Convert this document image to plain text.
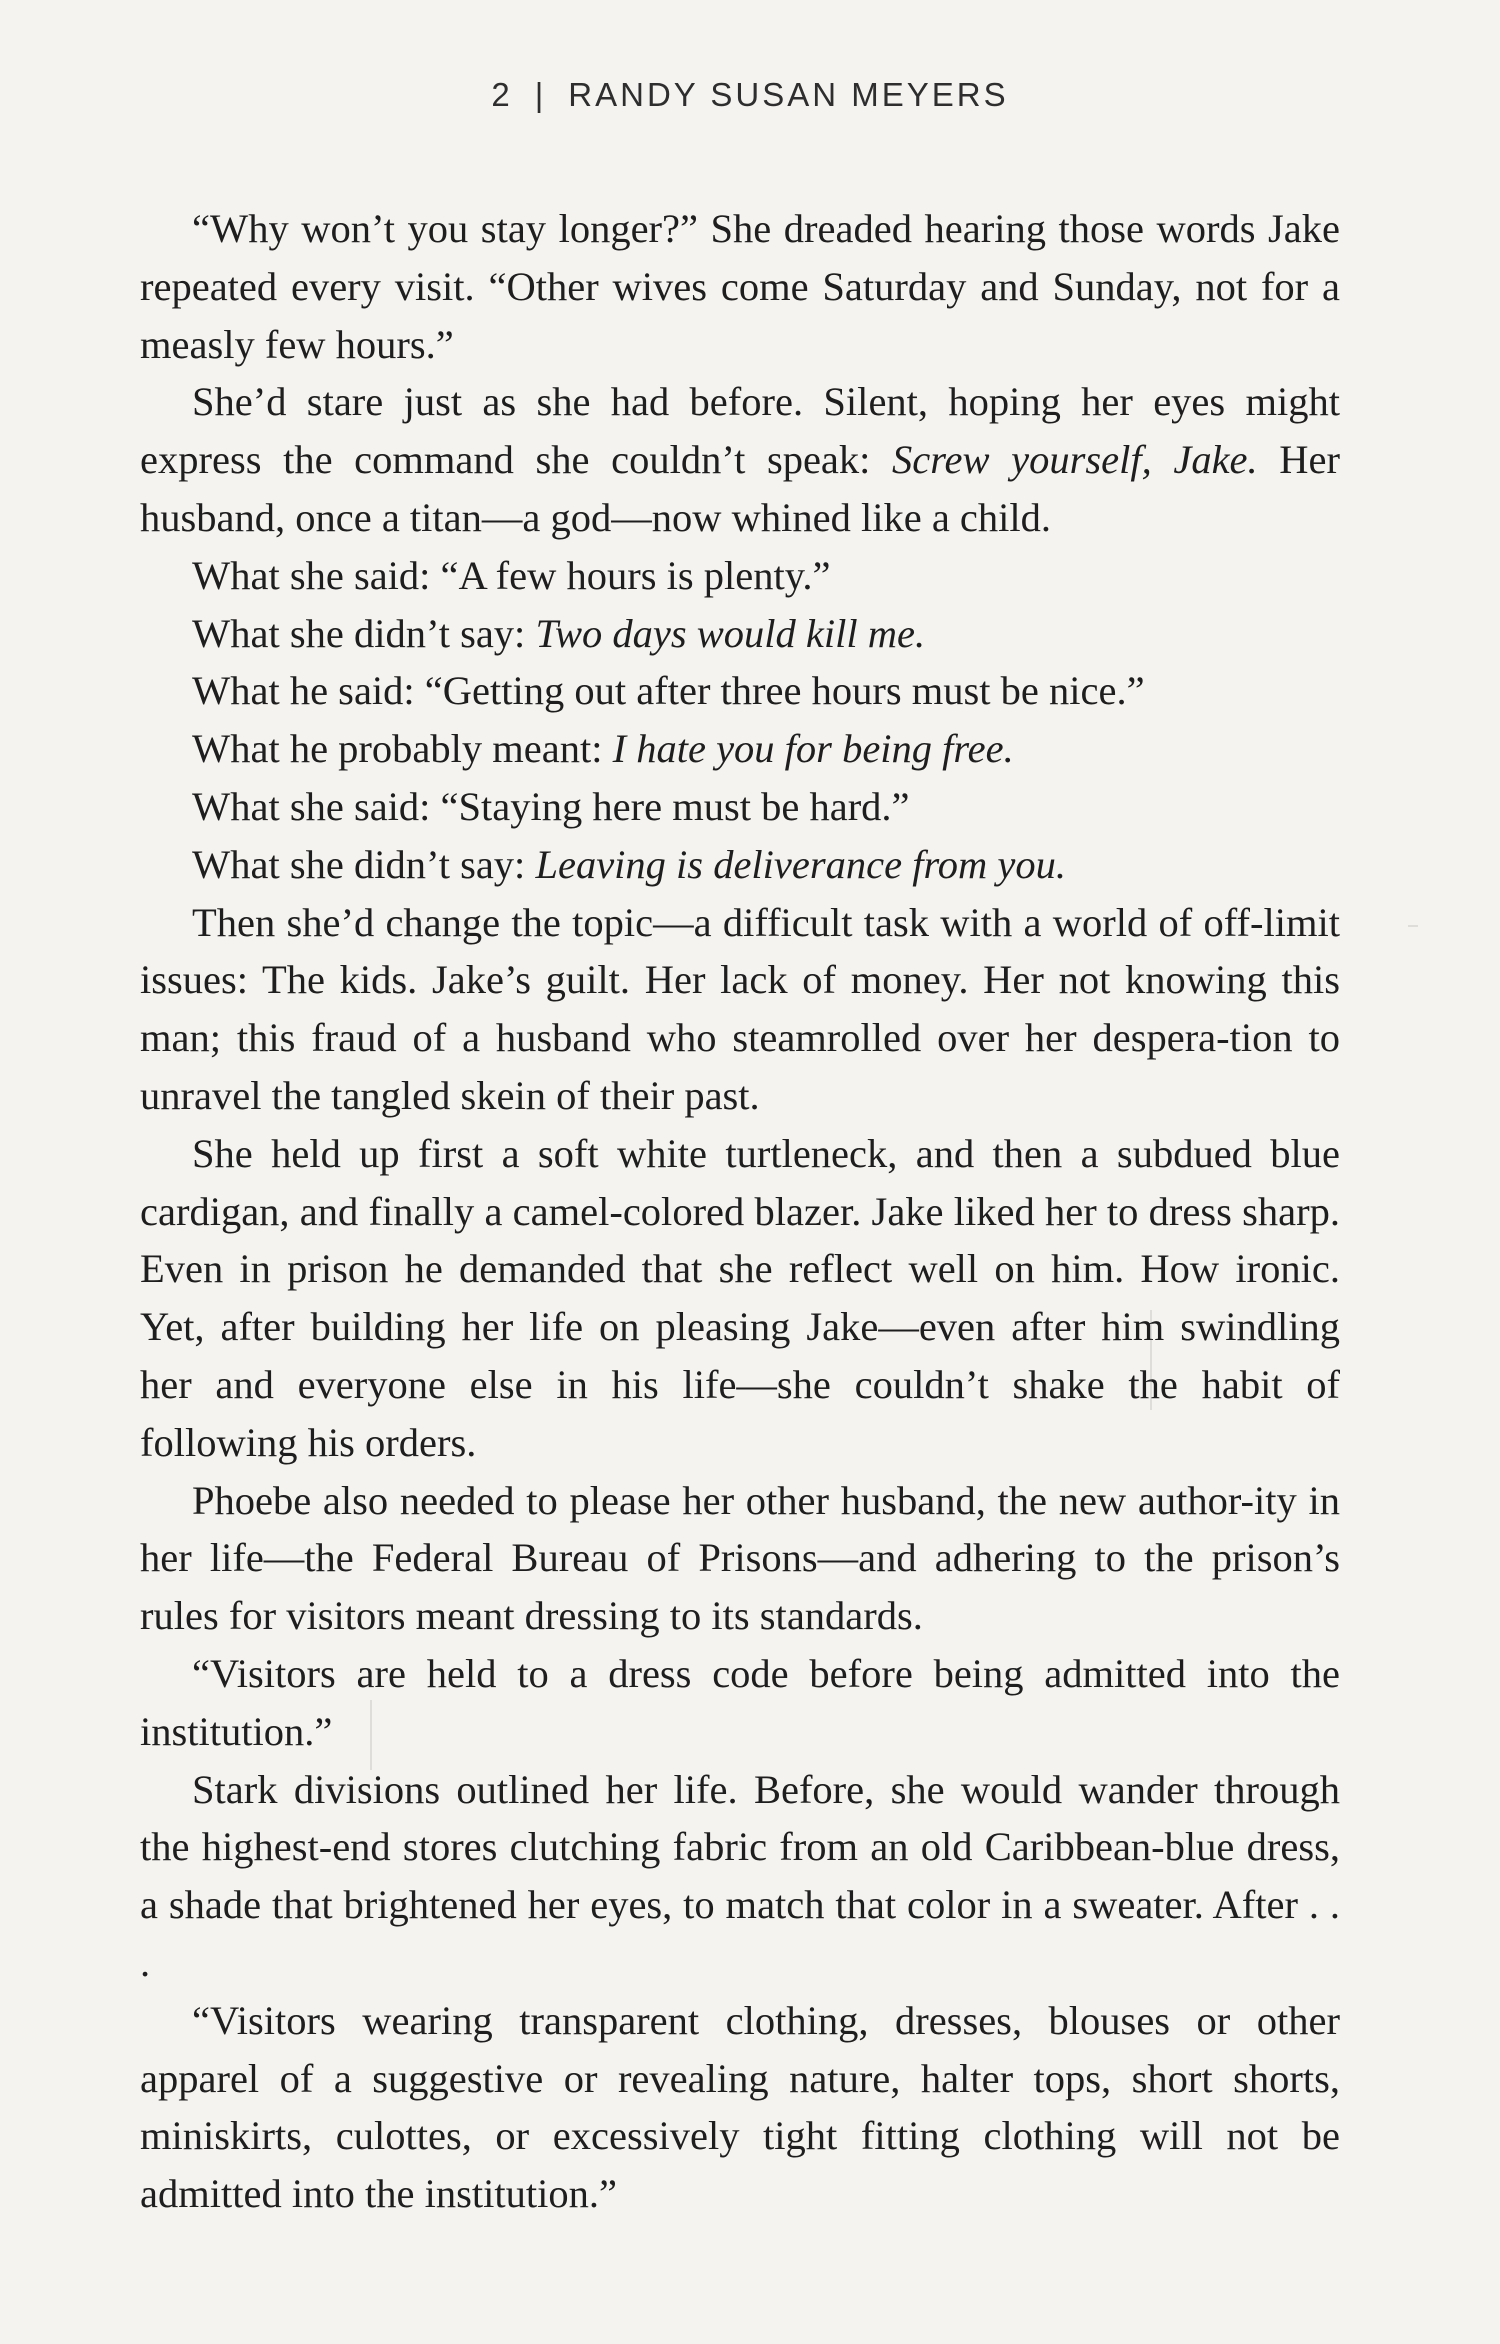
2 | RANDY SUSAN MEYERS

“Why won’t you stay longer?” She dreaded hearing those words Jake repeated every visit. “Other wives come Saturday and Sunday, not for a measly few hours.”

She’d stare just as she had before. Silent, hoping her eyes might express the command she couldn’t speak: Screw yourself, Jake. Her husband, once a titan—a god—now whined like a child.

What she said: “A few hours is plenty.”

What she didn’t say: Two days would kill me.

What he said: “Getting out after three hours must be nice.”

What he probably meant: I hate you for being free.

What she said: “Staying here must be hard.”

What she didn’t say: Leaving is deliverance from you.

Then she’d change the topic—a difficult task with a world of off-limit issues: The kids. Jake’s guilt. Her lack of money. Her not knowing this man; this fraud of a husband who steamrolled over her despera-tion to unravel the tangled skein of their past.

She held up first a soft white turtleneck, and then a subdued blue cardigan, and finally a camel-colored blazer. Jake liked her to dress sharp. Even in prison he demanded that she reflect well on him. How ironic. Yet, after building her life on pleasing Jake—even after him swindling her and everyone else in his life—she couldn’t shake the habit of following his orders.

Phoebe also needed to please her other husband, the new author-ity in her life—the Federal Bureau of Prisons—and adhering to the prison’s rules for visitors meant dressing to its standards.

“Visitors are held to a dress code before being admitted into the institution.”

Stark divisions outlined her life. Before, she would wander through the highest-end stores clutching fabric from an old Caribbean-blue dress, a shade that brightened her eyes, to match that color in a sweater. After . . .

“Visitors wearing transparent clothing, dresses, blouses or other apparel of a suggestive or revealing nature, halter tops, short shorts, miniskirts, culottes, or excessively tight fitting clothing will not be admitted into the institution.”
